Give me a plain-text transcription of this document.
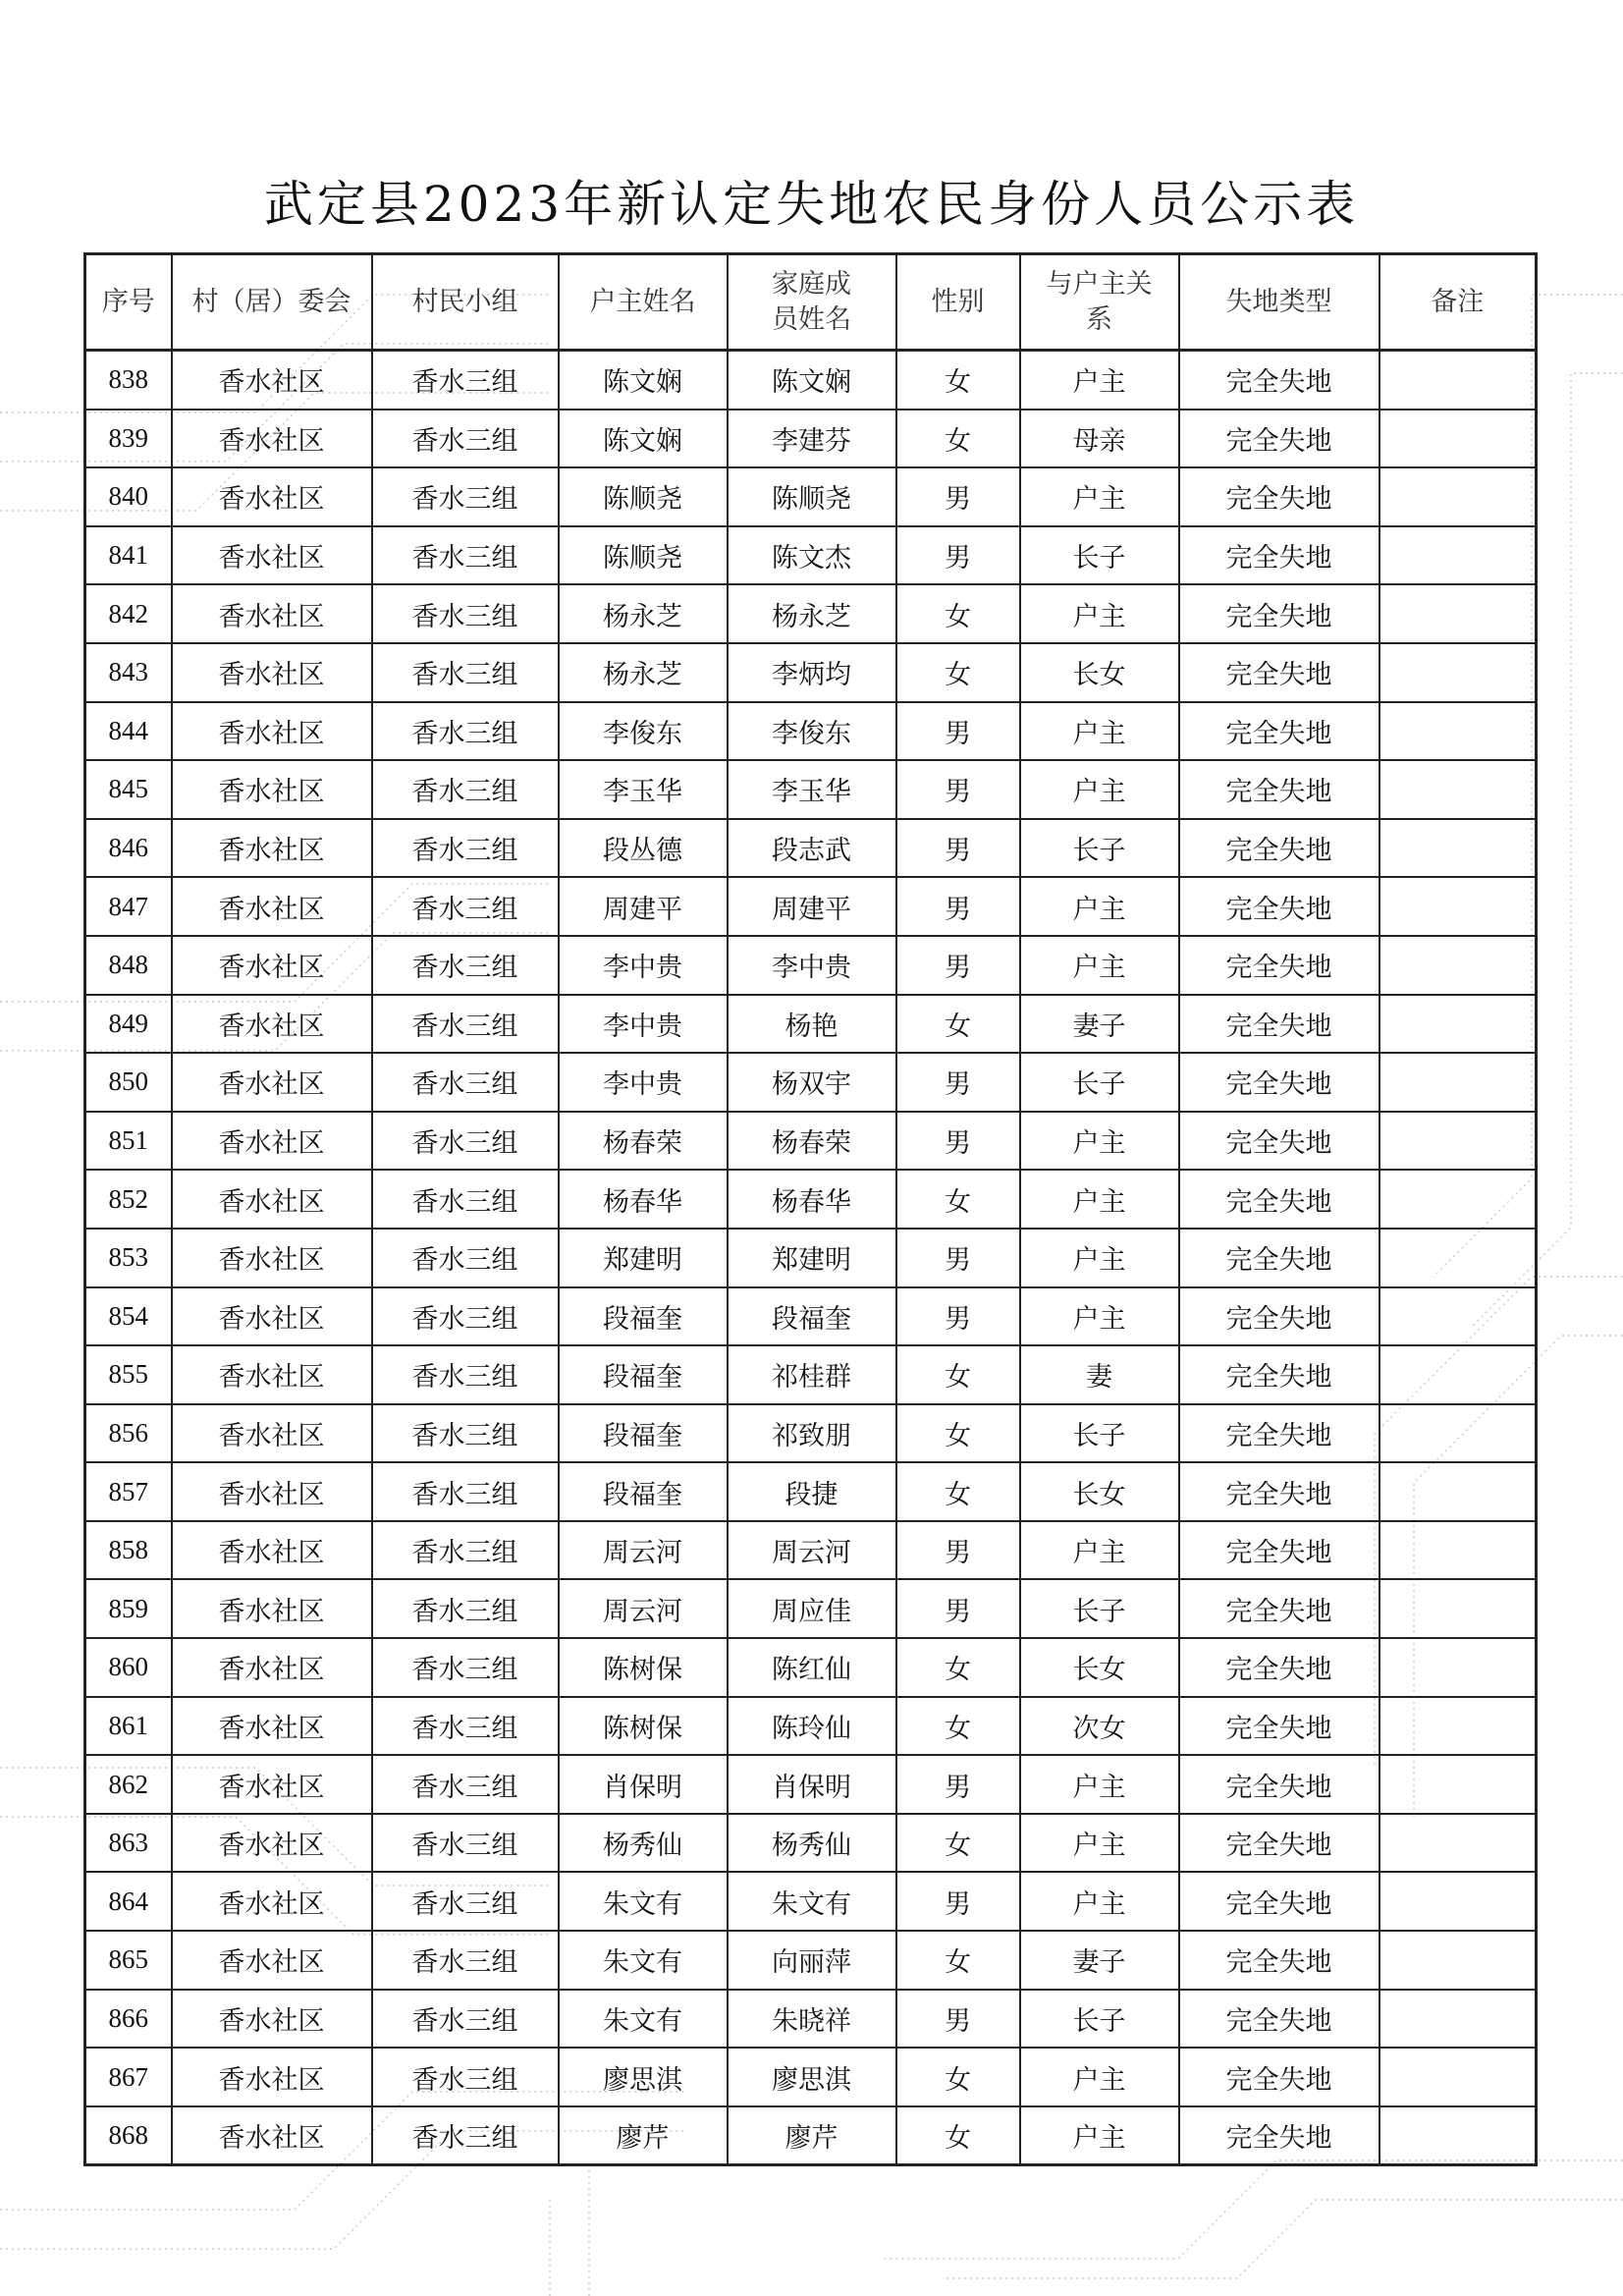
武定县2023年新认定失地农民身份人员公示表
序号	村（居）委会	村民小组	户主姓名	家庭成员姓名	性别	与户主关系	失地类型	备注
838	香水社区	香水三组	陈文娴	陈文娴	女	户主	完全失地	
839	香水社区	香水三组	陈文娴	李建芬	女	母亲	完全失地	
840	香水社区	香水三组	陈顺尧	陈顺尧	男	户主	完全失地	
841	香水社区	香水三组	陈顺尧	陈文杰	男	长子	完全失地	
842	香水社区	香水三组	杨永芝	杨永芝	女	户主	完全失地	
843	香水社区	香水三组	杨永芝	李炳均	女	长女	完全失地	
844	香水社区	香水三组	李俊东	李俊东	男	户主	完全失地	
845	香水社区	香水三组	李玉华	李玉华	男	户主	完全失地	
846	香水社区	香水三组	段丛德	段志武	男	长子	完全失地	
847	香水社区	香水三组	周建平	周建平	男	户主	完全失地	
848	香水社区	香水三组	李中贵	李中贵	男	户主	完全失地	
849	香水社区	香水三组	李中贵	杨艳	女	妻子	完全失地	
850	香水社区	香水三组	李中贵	杨双宇	男	长子	完全失地	
851	香水社区	香水三组	杨春荣	杨春荣	男	户主	完全失地	
852	香水社区	香水三组	杨春华	杨春华	女	户主	完全失地	
853	香水社区	香水三组	郑建明	郑建明	男	户主	完全失地	
854	香水社区	香水三组	段福奎	段福奎	男	户主	完全失地	
855	香水社区	香水三组	段福奎	祁桂群	女	妻	完全失地	
856	香水社区	香水三组	段福奎	祁致朋	女	长子	完全失地	
857	香水社区	香水三组	段福奎	段捷	女	长女	完全失地	
858	香水社区	香水三组	周云河	周云河	男	户主	完全失地	
859	香水社区	香水三组	周云河	周应佳	男	长子	完全失地	
860	香水社区	香水三组	陈树保	陈红仙	女	长女	完全失地	
861	香水社区	香水三组	陈树保	陈玲仙	女	次女	完全失地	
862	香水社区	香水三组	肖保明	肖保明	男	户主	完全失地	
863	香水社区	香水三组	杨秀仙	杨秀仙	女	户主	完全失地	
864	香水社区	香水三组	朱文有	朱文有	男	户主	完全失地	
865	香水社区	香水三组	朱文有	向丽萍	女	妻子	完全失地	
866	香水社区	香水三组	朱文有	朱晓祥	男	长子	完全失地	
867	香水社区	香水三组	廖思淇	廖思淇	女	户主	完全失地	
868	香水社区	香水三组	廖芹	廖芹	女	户主	完全失地	
